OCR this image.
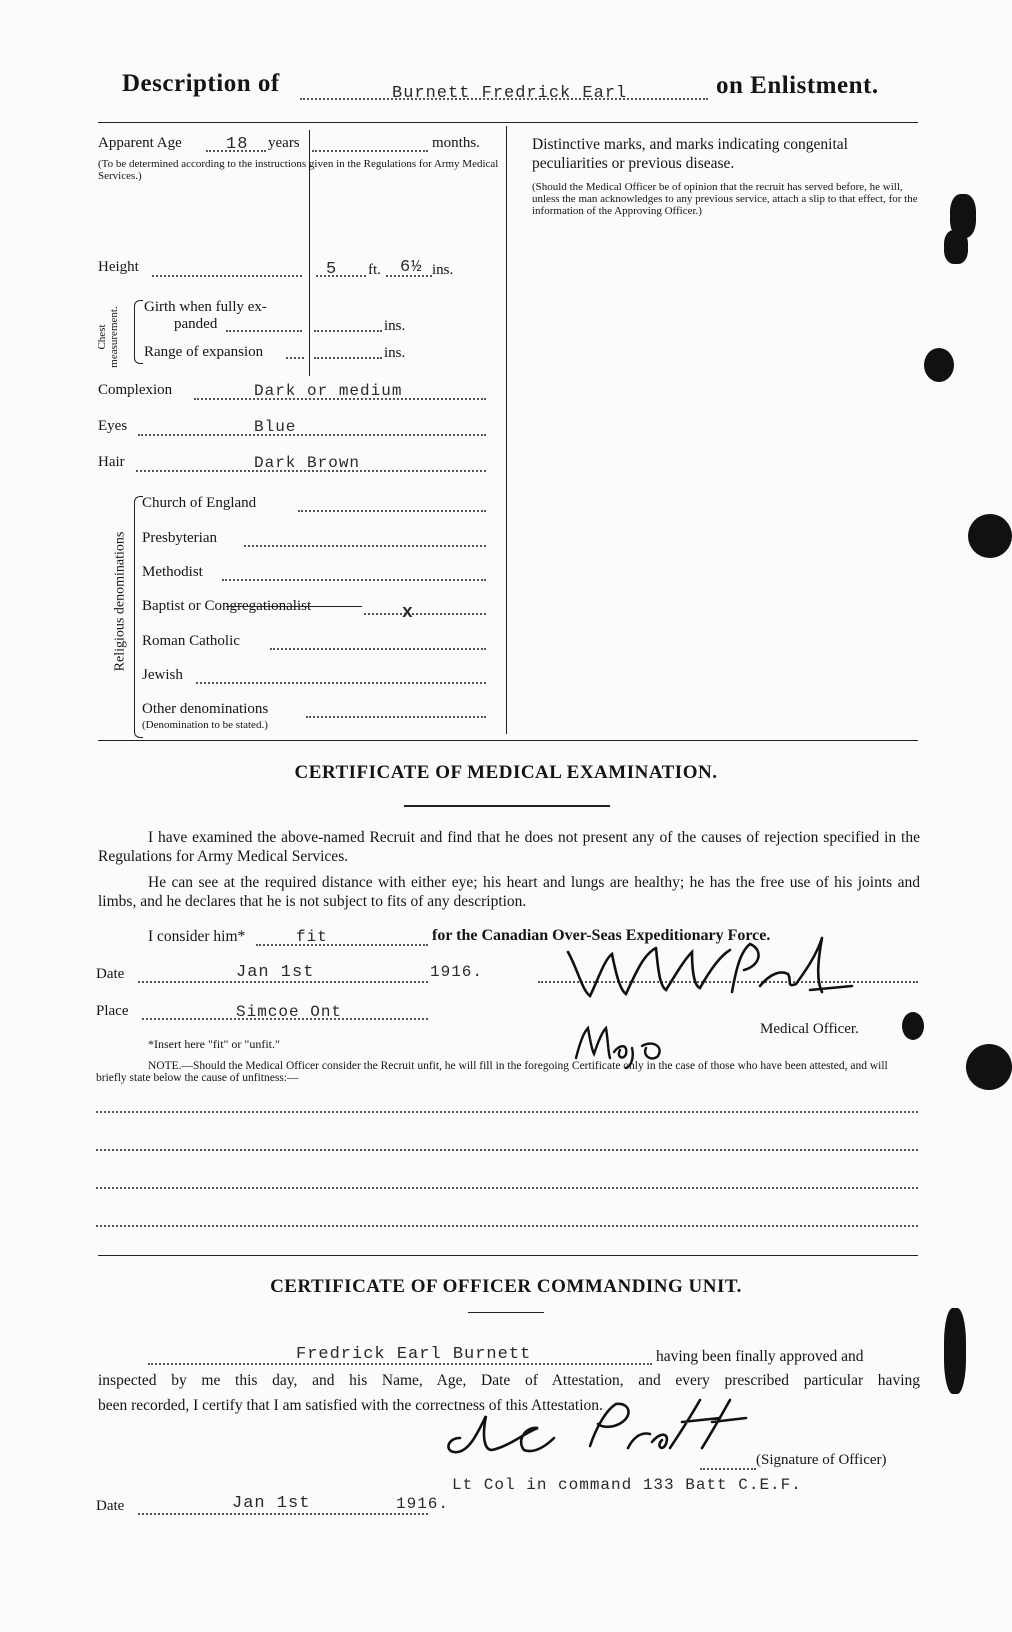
Description of	Burnett Fredrick Earl	on Enlistment.
Apparent Age	18 years	months.
(To be determined according to the instructions given in the Regulations for Army Medical Services.)
Height	5 ft. 6½ ins.
Chest measurement. Girth when fully ex-
panded	ins.
Range of expansion	ins.
Complexion	Dark or medium
Eyes	Blue
Hair	Dark Brown
Religious denominations
Church of England
Presbyterian
Methodist
Baptist or Congregationalist	x
Roman Catholic
Jewish
Other denominations
(Denomination to be stated.)
Distinctive marks, and marks indicating congenital peculiarities or previous disease.
(Should the Medical Officer be of opinion that the recruit has served before, he will, unless the man acknowledges to any previous service, attach a slip to that effect, for the information of the Approving Officer.)
CERTIFICATE OF MEDICAL EXAMINATION.
I have examined the above-named Recruit and find that he does not present any of the causes of rejection specified in the Regulations for Army Medical Services.
He can see at the required distance with either eye; his heart and lungs are healthy; he has the free use of his joints and limbs, and he declares that he is not subject to fits of any description.
I consider him*	fit	for the Canadian Over-Seas Expeditionary Force.
Date	Jan 1st	1916.
Place	Simcoe Ont
Medical Officer.
*Insert here "fit" or "unfit."
NOTE.—Should the Medical Officer consider the Recruit unfit, he will fill in the foregoing Certificate only in the case of those who have been attested, and will briefly state below the cause of unfitness:—
CERTIFICATE OF OFFICER COMMANDING UNIT.
Fredrick Earl Burnett	having been finally approved and
inspected by me this day, and his Name, Age, Date of Attestation, and every prescribed particular having
been recorded, I certify that I am satisfied with the correctness of this Attestation.
(Signature of Officer)
Lt Col in command 133 Batt C.E.F.
Date	Jan 1st	1916.
